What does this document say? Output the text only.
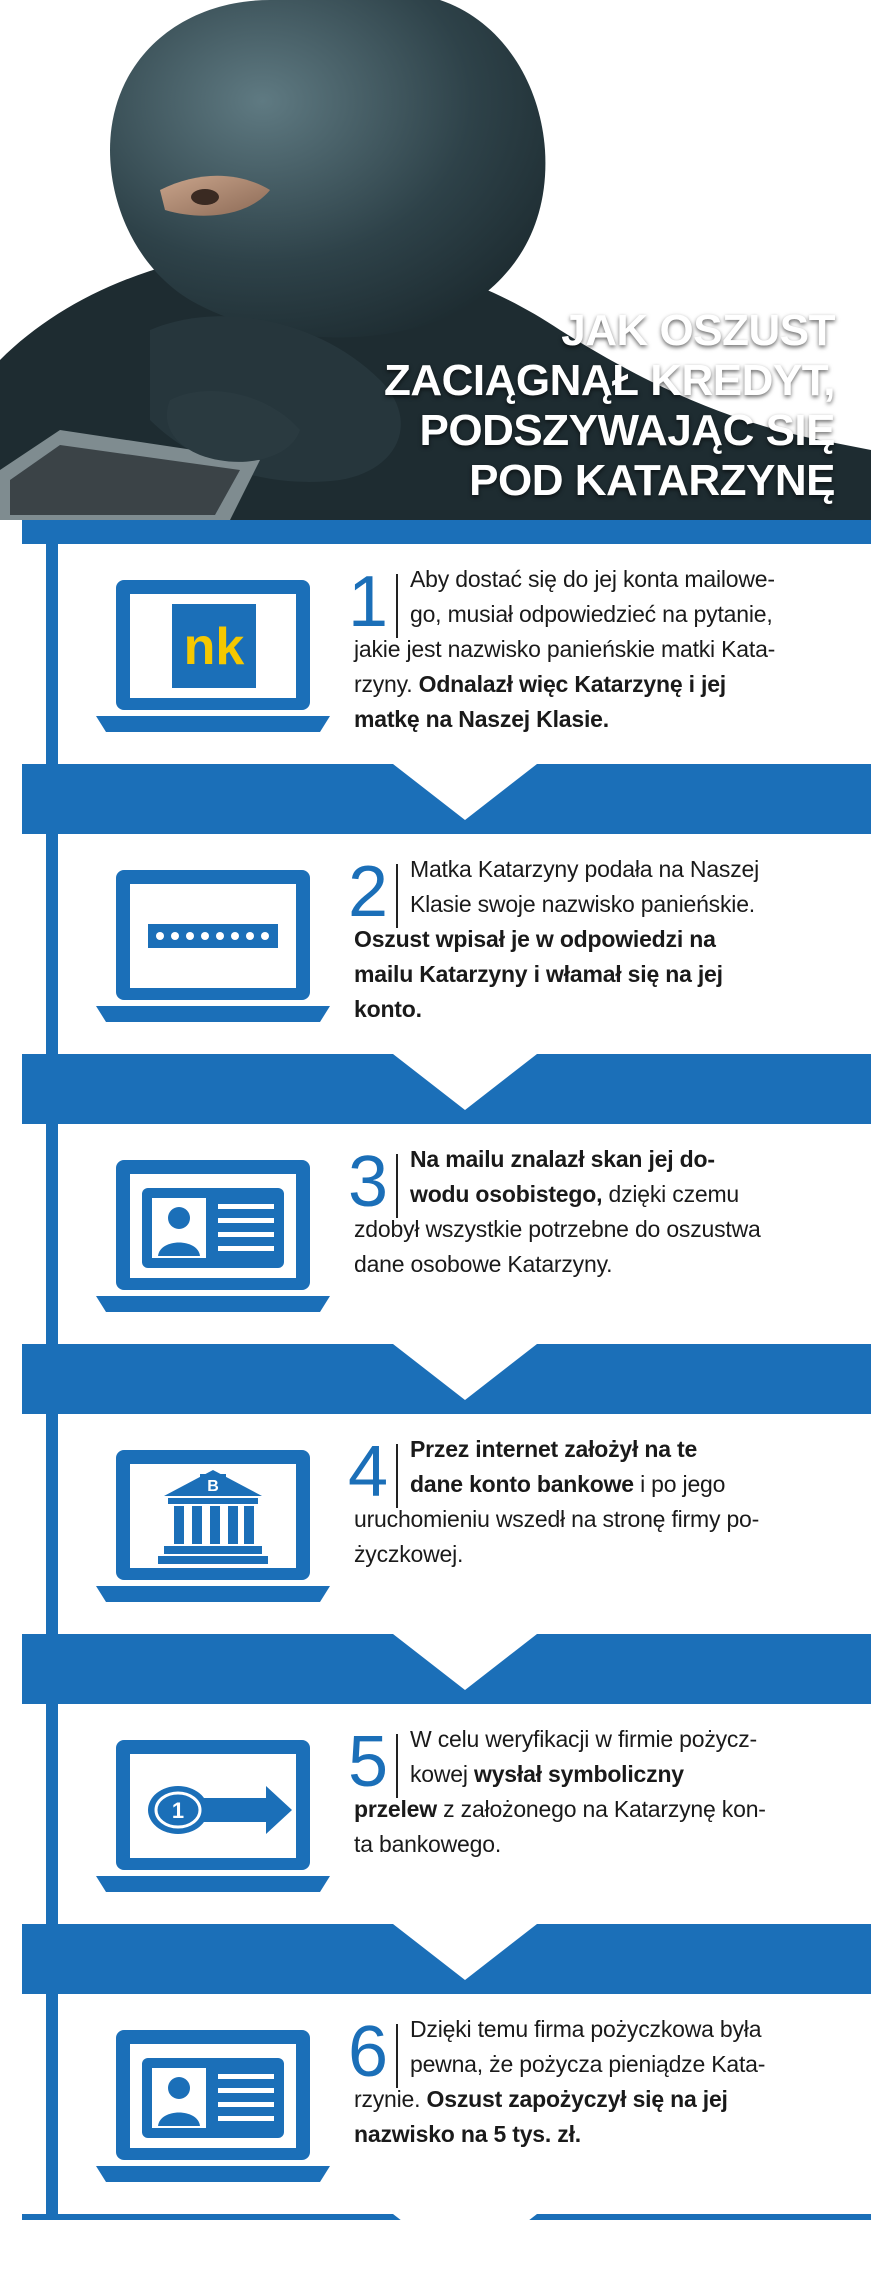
JAK OSZUST
ZACIĄGNĄŁ KREDYT,
PODSZYWAJĄC SIĘ
POD KATARZYNĘ
nk
1 Aby dostać się do jej konta mailowe-
go, musiał odpowiedzieć na pytanie,
jakie jest nazwisko panieńskie matki Kata-
rzyny. Odnalazł więc Katarzynę i jej
matkę na Naszej Klasie.
2 Matka Katarzyny podała na Naszej
Klasie swoje nazwisko panieńskie.
Oszust wpisał je w odpowiedzi na
mailu Katarzyny i włamał się na jej
konto.
3 Na mailu znalazł skan jej do-
wodu osobistego, dzięki czemu
zdobył wszystkie potrzebne do oszustwa
dane osobowe Katarzyny.
B 4 Przez internet założył na te
dane konto bankowe i po jego
uruchomieniu wszedł na stronę firmy po-
życzkowej.
1
5 W celu weryfikacji w firmie pożycz-
kowej wysłał symboliczny
przelew z założonego na Katarzynę kon-
ta bankowego.
6 Dzięki temu firma pożyczkowa była
pewna, że pożycza pieniądze Kata-
rzynie. Oszust zapożyczył się na jej
nazwisko na 5 tys. zł.
